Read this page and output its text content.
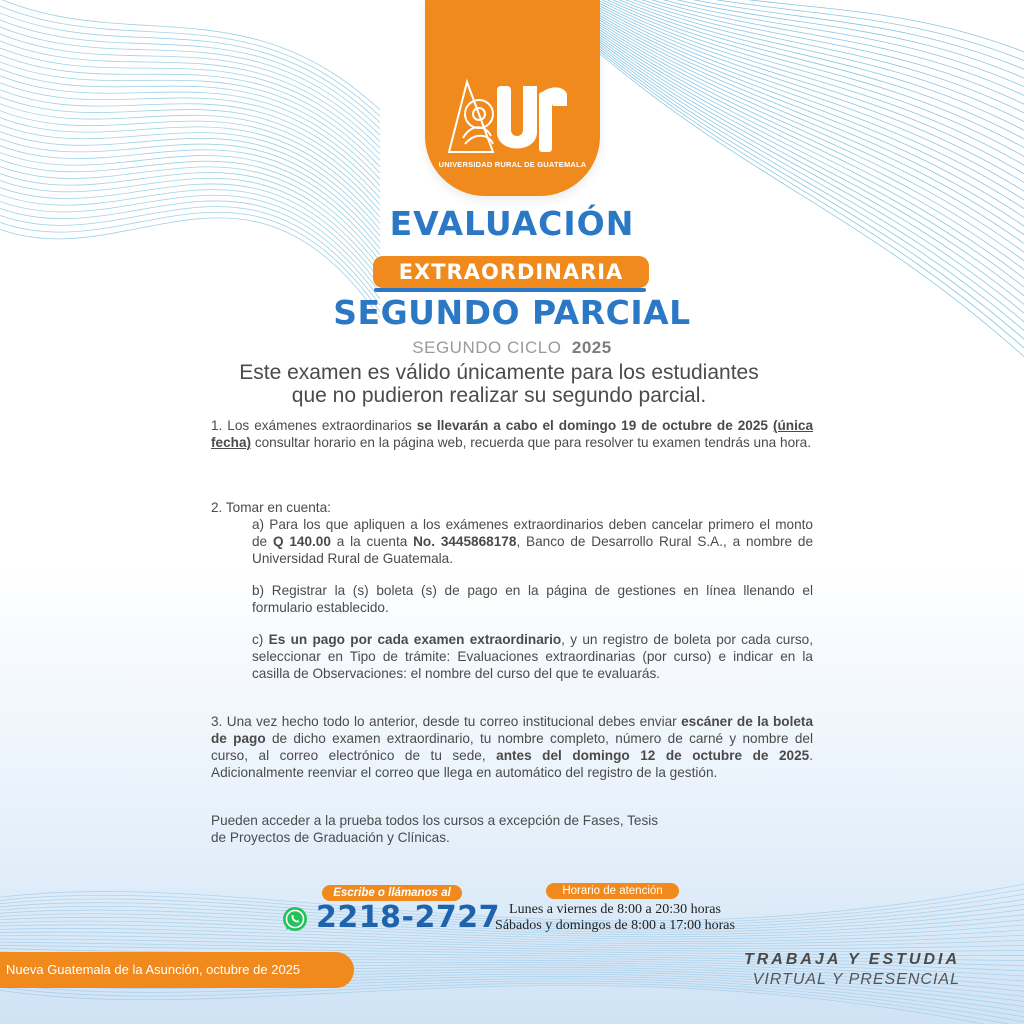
UNIVERSIDAD RURAL DE GUATEMALA
EVALUACIÓN
EXTRAORDINARIA
SEGUNDO PARCIAL
SEGUNDO CICLO 2025
Este examen es válido únicamente para los estudiantes
que no pudieron realizar su segundo parcial.
1. Los exámenes extraordinarios se llevarán a cabo el domingo 19 de octubre de 2025 (única fecha) consultar horario en la página web, recuerda que para resolver tu examen tendrás una hora.
2. Tomar en cuenta:
a) Para los que apliquen a los exámenes extraordinarios deben cancelar primero el monto de Q 140.00 a la cuenta No. 3445868178, Banco de Desarrollo Rural S.A., a nombre de Universidad Rural de Guatemala.
b) Registrar la (s) boleta (s) de pago en la página de gestiones en línea llenando el formulario establecido.
c) Es un pago por cada examen extraordinario, y un registro de boleta por cada curso, seleccionar en Tipo de trámite: Evaluaciones extraordinarias (por curso) e indicar en la casilla de Observaciones: el nombre del curso del que te evaluarás.
3. Una vez hecho todo lo anterior, desde tu correo institucional debes enviar escáner de la boleta de pago de dicho examen extraordinario, tu nombre completo, número de carné y nombre del curso, al correo electrónico de tu sede, antes del domingo 12 de octubre de 2025. Adicionalmente reenviar el correo que llega en automático del registro de la gestión.
Pueden acceder a la prueba todos los cursos a excepción de Fases, Tesis
de Proyectos de Graduación y Clínicas.
Escribe o llámanos al
2218-2727
Horario de atención
Lunes a viernes de 8:00 a 20:30 horas
Sábados y domingos de 8:00 a 17:00 horas
Nueva Guatemala de la Asunción, octubre de 2025
TRABAJA Y ESTUDIA
VIRTUAL Y PRESENCIAL
